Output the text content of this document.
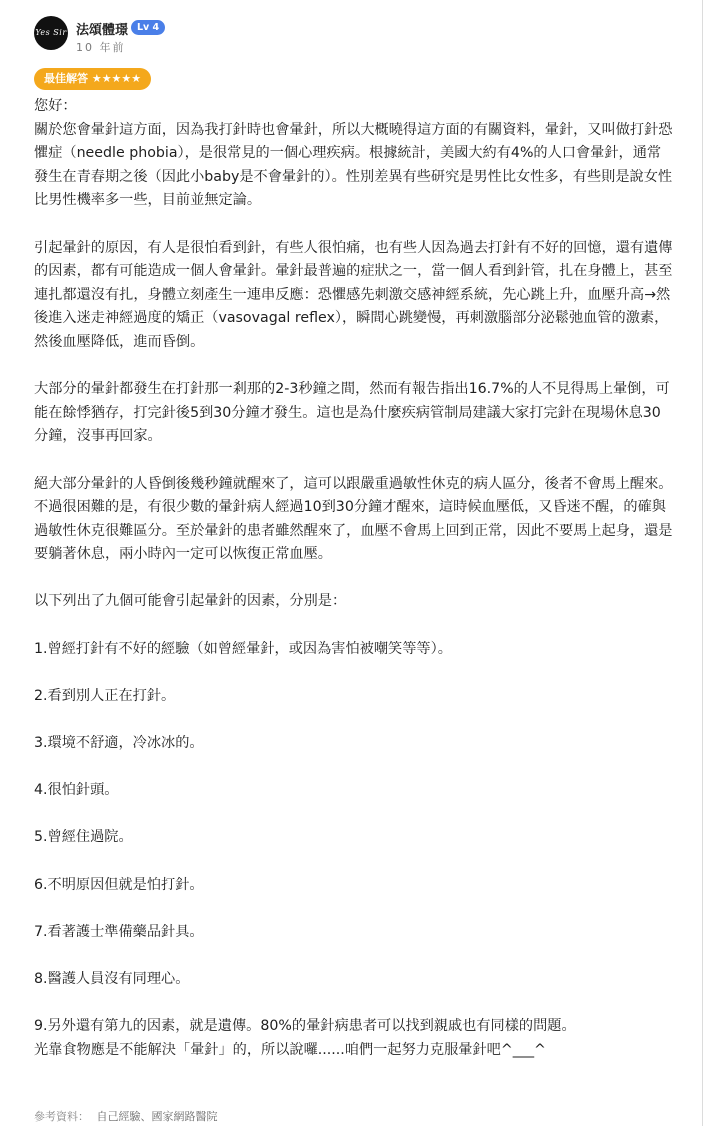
Yes Sir 法頌體璟 Lv 4
10 年前
最佳解答 ★★★★★
您好：
關於您會暈針這方面，因為我打針時也會暈針，所以大概曉得這方面的有關資料，暈針，又叫做打針恐懼症（needle phobia），是很常見的一個心理疾病。根據統計，美國大約有4%的人口會暈針，通常發生在青春期之後（因此小baby是不會暈針的）。性別差異有些研究是男性比女性多，有些則是說女性比男性機率多一些，目前並無定論。

引起暈針的原因，有人是很怕看到針，有些人很怕痛，也有些人因為過去打針有不好的回憶，還有遺傳的因素，都有可能造成一個人會暈針。暈針最普遍的症狀之一，當一個人看到針管，扎在身體上，甚至連扎都還沒有扎，身體立刻產生一連串反應：恐懼感先刺激交感神經系統，先心跳上升，血壓升高→然後進入迷走神經過度的矯正（vasovagal reflex），瞬間心跳變慢，再刺激腦部分泌鬆弛血管的激素，然後血壓降低，進而昏倒。

大部分的暈針都發生在打針那一剎那的2-3秒鐘之間，然而有報告指出16.7%的人不見得馬上暈倒，可能在餘悸猶存，打完針後5到30分鐘才發生。這也是為什麼疾病管制局建議大家打完針在現場休息30分鐘，沒事再回家。

絕大部分暈針的人昏倒後幾秒鐘就醒來了，這可以跟嚴重過敏性休克的病人區分，後者不會馬上醒來。不過很困難的是，有很少數的暈針病人經過10到30分鐘才醒來，這時候血壓低，又昏迷不醒，的確與過敏性休克很難區分。至於暈針的患者雖然醒來了，血壓不會馬上回到正常，因此不要馬上起身，還是要躺著休息，兩小時內一定可以恢復正常血壓。

以下列出了九個可能會引起暈針的因素，分別是：

1.曾經打針有不好的經驗（如曾經暈針，或因為害怕被嘲笑等等）。

2.看到別人正在打針。

3.環境不舒適，冷冰冰的。

4.很怕針頭。

5.曾經住過院。

6.不明原因但就是怕打針。

7.看著護士準備藥品針具。

8.醫護人員沒有同理心。

9.另外還有第九的因素，就是遺傳。80%的暈針病患者可以找到親戚也有同樣的問題。
光靠食物應是不能解決「暈針」的，所以說囉......咱們一起努力克服暈針吧^___^
參考資料： 自己經驗、國家網路醫院
